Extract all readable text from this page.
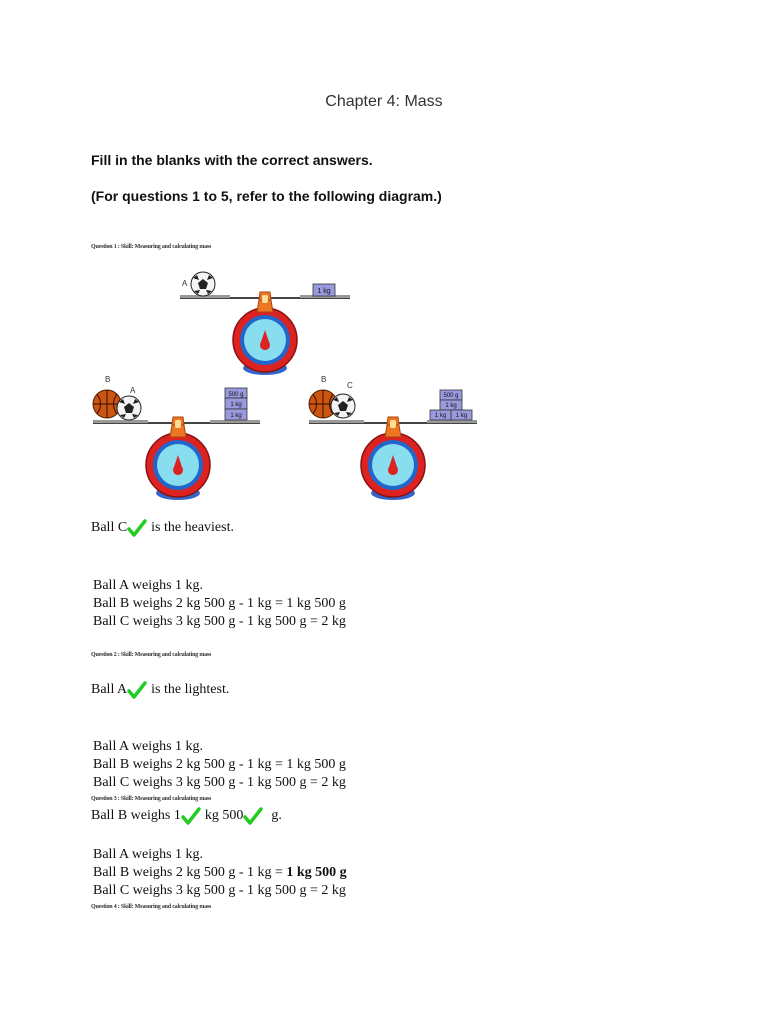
Chapter 4: Mass
Fill in the blanks with the correct answers.
(For questions 1 to 5, refer to the following diagram.)
Question 1 : Skill: Measuring and calculating mass
A
1 kg
B
A	500 g
1 kg
1 kg
B
C
500 g
1 kg
1 kg 1 kg
Ball C is the heaviest.
Ball A weighs 1 kg.
Ball B weighs 2 kg 500 g - 1 kg = 1 kg 500 g
Ball C weighs 3 kg 500 g - 1 kg 500 g = 2 kg
Question 2 : Skill: Measuring and calculating mass
Ball A is the lightest.
Ball A weighs 1 kg.
Ball B weighs 2 kg 500 g - 1 kg = 1 kg 500 g
Ball C weighs 3 kg 500 g - 1 kg 500 g = 2 kg
Question 3 : Skill: Measuring and calculating mass
Ball B weighs 1 kg 500 g.
Ball A weighs 1 kg.
Ball B weighs 2 kg 500 g - 1 kg = 1 kg 500 g
Ball C weighs 3 kg 500 g - 1 kg 500 g = 2 kg
Question 4 : Skill: Measuring and calculating mass
